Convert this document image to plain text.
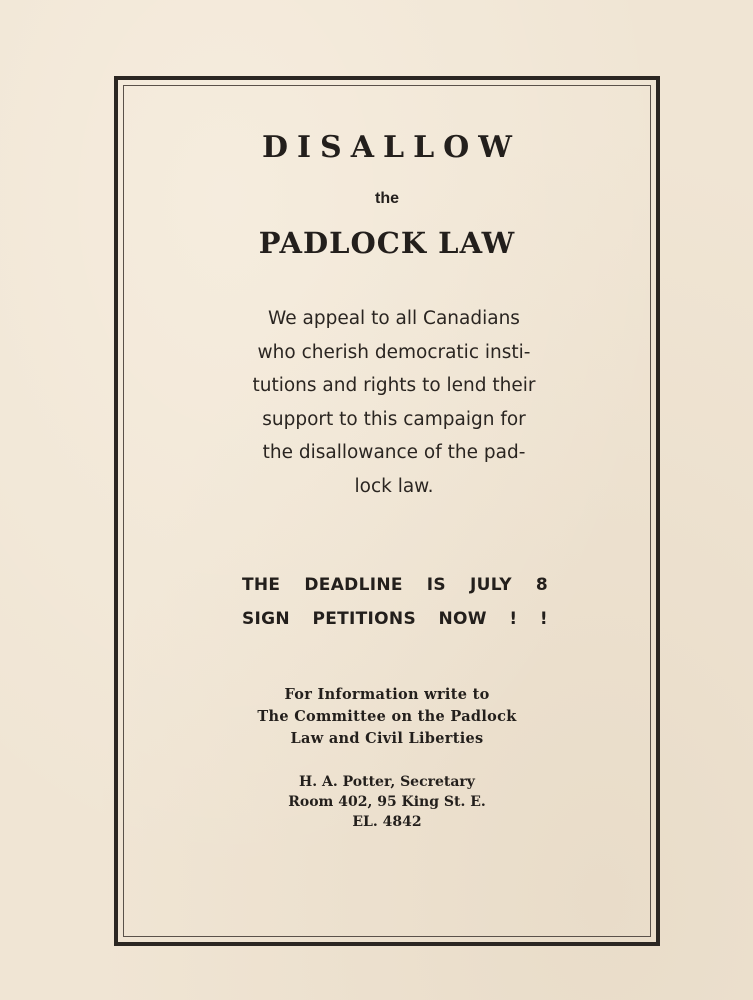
DISALLOW
the
PADLOCK LAW
We appeal to all Canadians
who cherish democratic insti-
tutions and rights to lend their
support to this campaign for
the disallowance of the pad-
lock law.
THE DEADLINE IS JULY 8
SIGN PETITIONS NOW ! !
For Information write to
The Committee on the Padlock
Law and Civil Liberties
H. A. Potter, Secretary
Room 402, 95 King St. E.
EL. 4842
